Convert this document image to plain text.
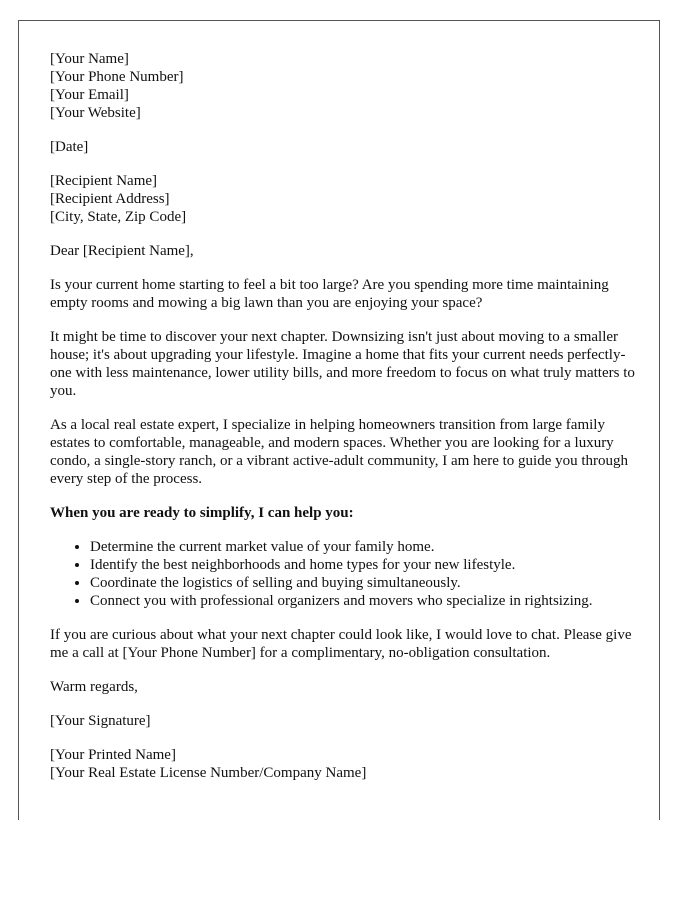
[Your Name]
[Your Phone Number]
[Your Email]
[Your Website]
[Date]
[Recipient Name]
[Recipient Address]
[City, State, Zip Code]

Dear [Recipient Name],

Is your current home starting to feel a bit too large? Are you spending more time maintaining empty rooms and mowing a big lawn than you are enjoying your space?

It might be time to discover your next chapter. Downsizing isn't just about moving to a smaller house; it's about upgrading your lifestyle. Imagine a home that fits your current needs perfectly-one with less maintenance, lower utility bills, and more freedom to focus on what truly matters to you.

As a local real estate expert, I specialize in helping homeowners transition from large family estates to comfortable, manageable, and modern spaces. Whether you are looking for a luxury condo, a single-story ranch, or a vibrant active-adult community, I am here to guide you through every step of the process.

When you are ready to simplify, I can help you:

• Determine the current market value of your family home.
• Identify the best neighborhoods and home types for your new lifestyle.
• Coordinate the logistics of selling and buying simultaneously.
• Connect you with professional organizers and movers who specialize in rightsizing.

If you are curious about what your next chapter could look like, I would love to chat. Please give me a call at [Your Phone Number] for a complimentary, no-obligation consultation.

Warm regards,

[Your Signature]

[Your Printed Name]
[Your Real Estate License Number/Company Name]
